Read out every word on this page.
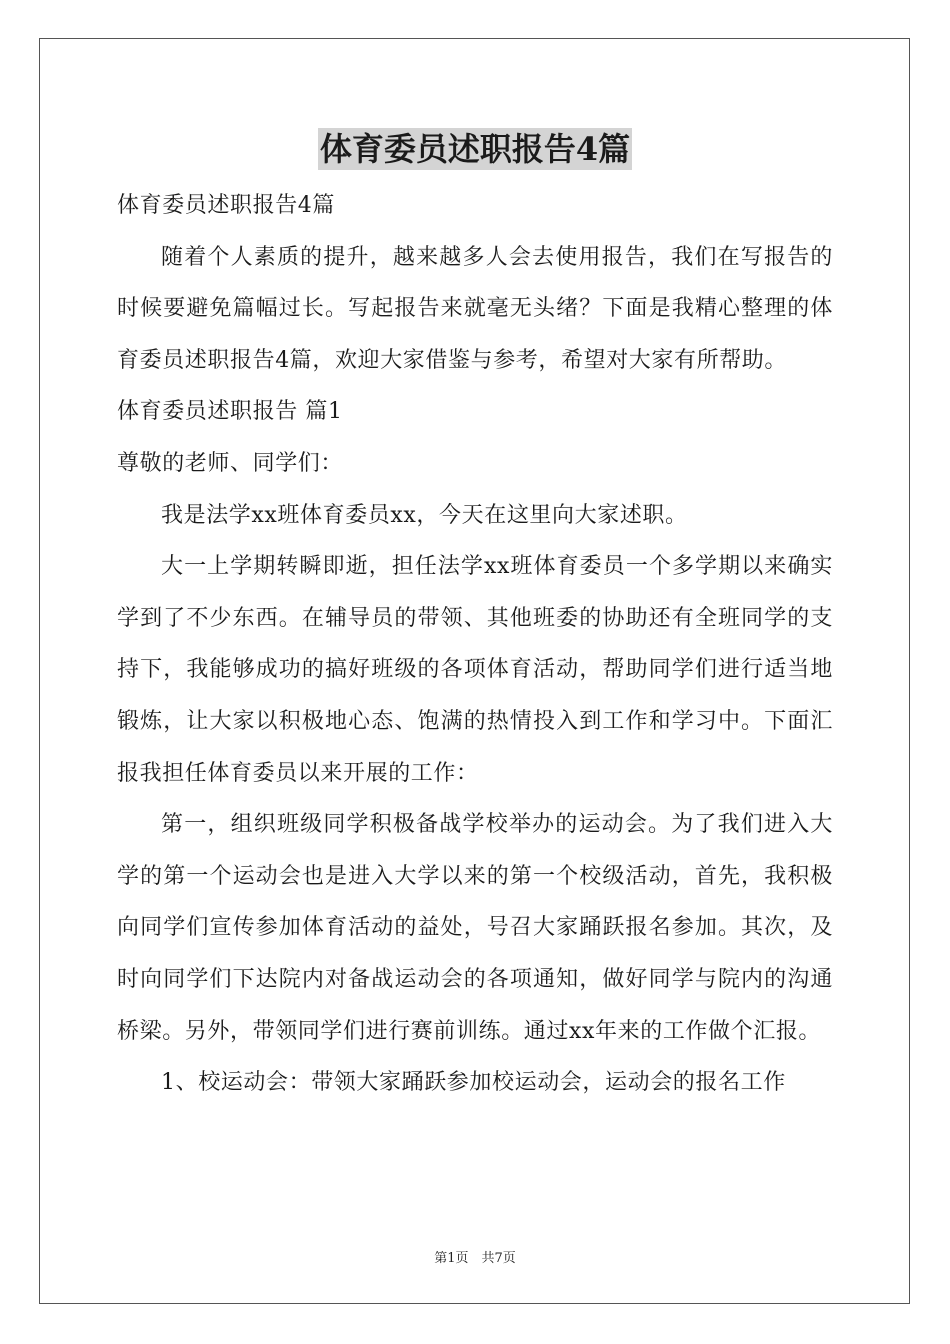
体育委员述职报告4篇

体育委员述职报告4篇

随着个人素质的提升，越来越多人会去使用报告，我们在写报告的时候要避免篇幅过长。写起报告来就毫无头绪？下面是我精心整理的体育委员述职报告4篇，欢迎大家借鉴与参考，希望对大家有所帮助。

体育委员述职报告 篇1

尊敬的老师、同学们：

我是法学xx班体育委员xx，今天在这里向大家述职。

大一上学期转瞬即逝，担任法学xx班体育委员一个多学期以来确实学到了不少东西。在辅导员的带领、其他班委的协助还有全班同学的支持下，我能够成功的搞好班级的各项体育活动，帮助同学们进行适当地锻炼，让大家以积极地心态、饱满的热情投入到工作和学习中。下面汇报我担任体育委员以来开展的工作：

第一，组织班级同学积极备战学校举办的运动会。为了我们进入大学的第一个运动会也是进入大学以来的第一个校级活动，首先，我积极向同学们宣传参加体育活动的益处，号召大家踊跃报名参加。其次，及时向同学们下达院内对备战运动会的各项通知，做好同学与院内的沟通桥梁。另外，带领同学们进行赛前训练。通过xx年来的工作做个汇报。

1、校运动会：带领大家踊跃参加校运动会，运动会的报名工作

第1页　共7页
